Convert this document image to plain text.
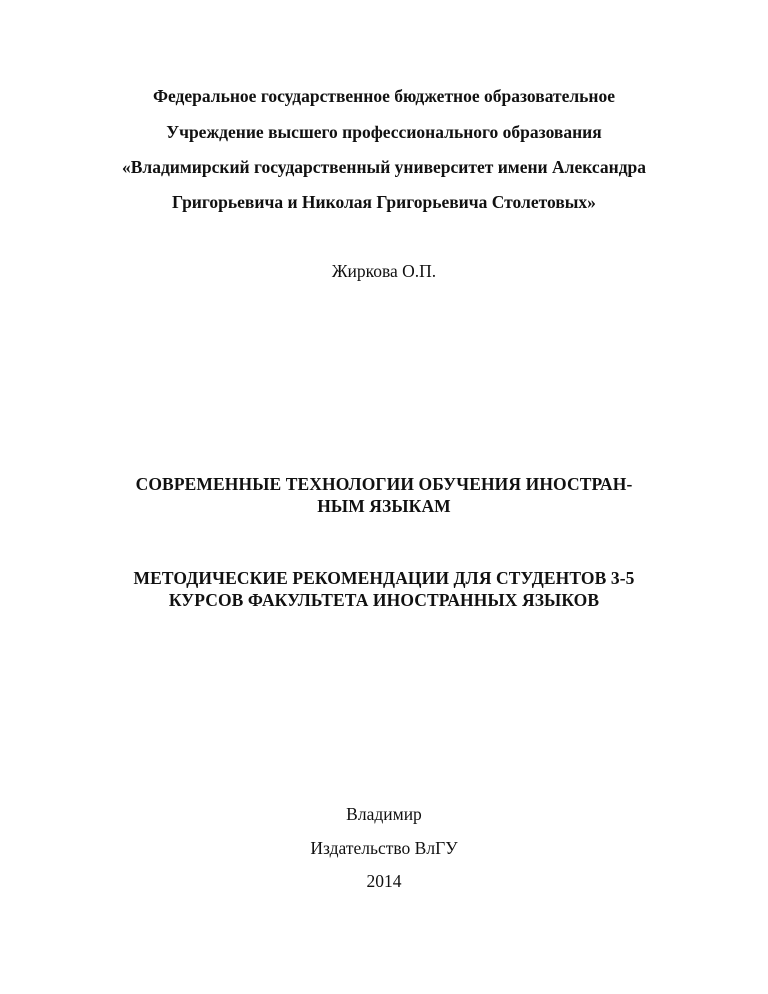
Федеральное государственное бюджетное образовательное
Учреждение высшего профессионального образования
«Владимирский государственный университет имени Александра
Григорьевича и Николая Григорьевича Столетовых»
Жиркова О.П.
СОВРЕМЕННЫЕ ТЕХНОЛОГИИ ОБУЧЕНИЯ ИНОСТРАН-
НЫМ ЯЗЫКАМ
МЕТОДИЧЕСКИЕ РЕКОМЕНДАЦИИ ДЛЯ СТУДЕНТОВ 3-5
КУРСОВ ФАКУЛЬТЕТА ИНОСТРАННЫХ ЯЗЫКОВ
Владимир
Издательство ВлГУ
2014
